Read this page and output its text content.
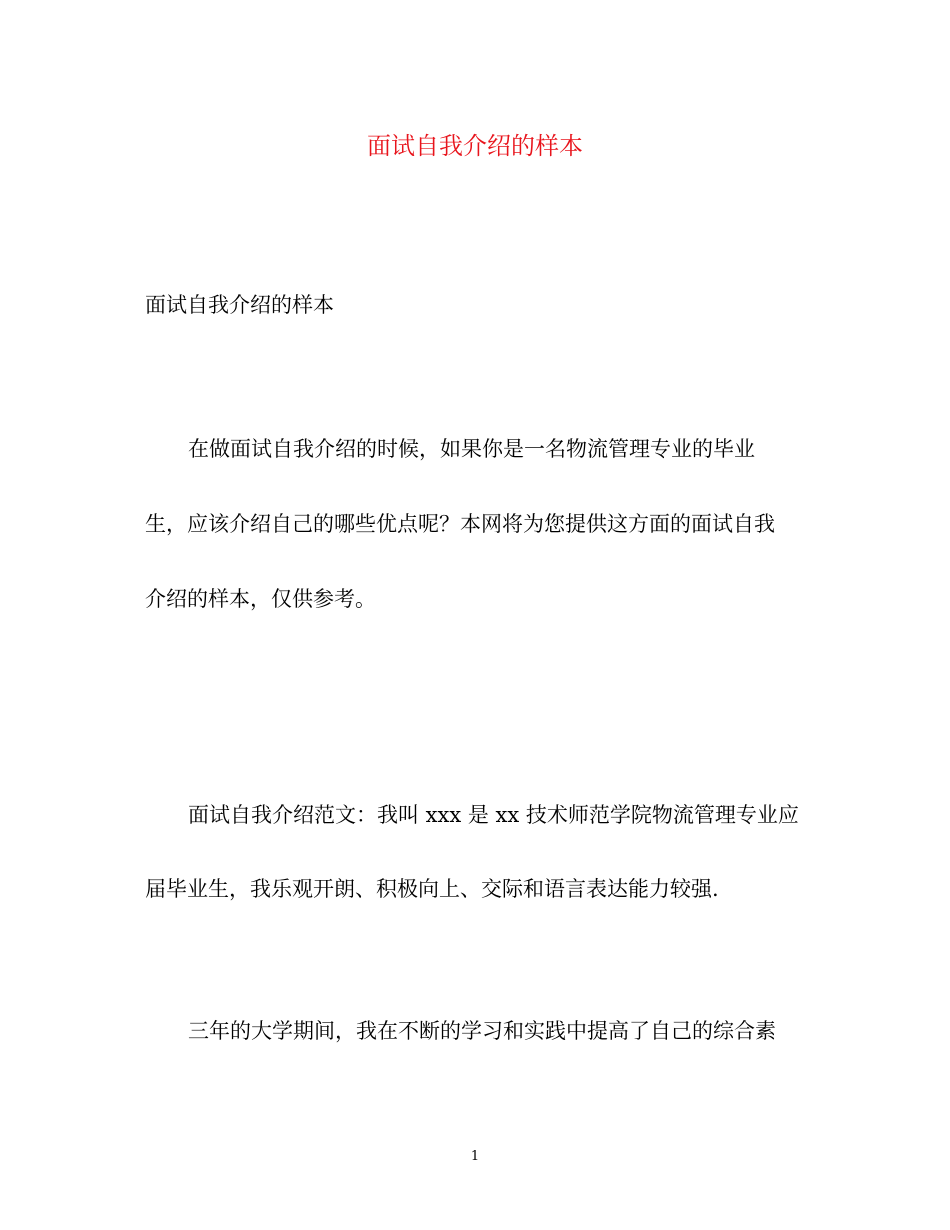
面试自我介绍的样本

面试自我介绍的样本

在做面试自我介绍的时候，如果你是一名物流管理专业的毕业

生，应该介绍自己的哪些优点呢？本网将为您提供这方面的面试自我

介绍的样本，仅供参考。

面试自我介绍范文：我叫 xxx 是 xx 技术师范学院物流管理专业应

届毕业生，我乐观开朗、积极向上、交际和语言表达能力较强.

三年的大学期间，我在不断的学习和实践中提高了自己的综合素

1
